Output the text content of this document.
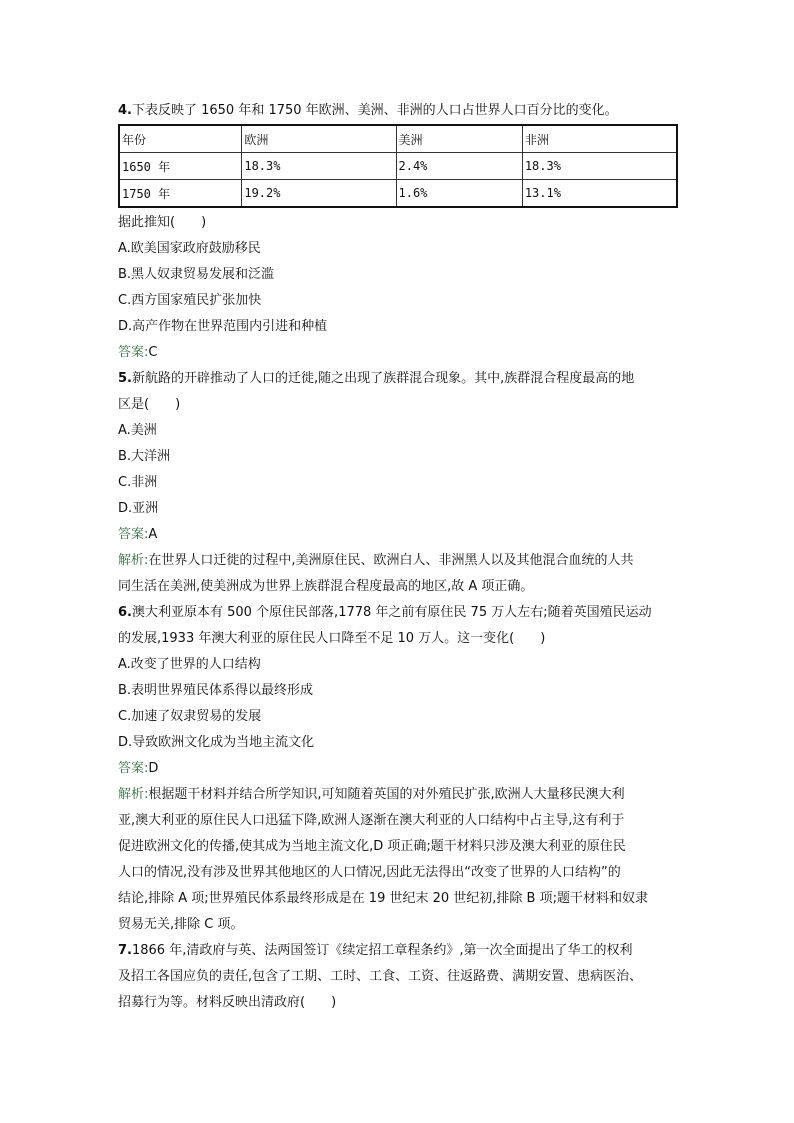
4.下表反映了 1650 年和 1750 年欧洲、美洲、非洲的人口占世界人口百分比的变化。
年份	欧洲	美洲	非洲
1650 年	18.3%	2.4%	18.3%
1750 年	19.2%	1.6%	13.1%
据此推知(　　)
A.欧美国家政府鼓励移民
B.黑人奴隶贸易发展和泛滥
C.西方国家殖民扩张加快
D.高产作物在世界范围内引进和种植
答案:C
5.新航路的开辟推动了人口的迁徙,随之出现了族群混合现象。其中,族群混合程度最高的地
区是(　　)
A.美洲
B.大洋洲
C.非洲
D.亚洲
答案:A
解析:在世界人口迁徙的过程中,美洲原住民、欧洲白人、非洲黑人以及其他混合血统的人共
同生活在美洲,使美洲成为世界上族群混合程度最高的地区,故 A 项正确。
6.澳大利亚原本有 500 个原住民部落,1778 年之前有原住民 75 万人左右;随着英国殖民运动
的发展,1933 年澳大利亚的原住民人口降至不足 10 万人。这一变化(　　)
A.改变了世界的人口结构
B.表明世界殖民体系得以最终形成
C.加速了奴隶贸易的发展
D.导致欧洲文化成为当地主流文化
答案:D
解析:根据题干材料并结合所学知识,可知随着英国的对外殖民扩张,欧洲人大量移民澳大利
亚,澳大利亚的原住民人口迅猛下降,欧洲人逐渐在澳大利亚的人口结构中占主导,这有利于
促进欧洲文化的传播,使其成为当地主流文化,D 项正确;题干材料只涉及澳大利亚的原住民
人口的情况,没有涉及世界其他地区的人口情况,因此无法得出“改变了世界的人口结构”的
结论,排除 A 项;世界殖民体系最终形成是在 19 世纪末 20 世纪初,排除 B 项;题干材料和奴隶
贸易无关,排除 C 项。
7.1866 年,清政府与英、法两国签订《续定招工章程条约》,第一次全面提出了华工的权利
及招工各国应负的责任,包含了工期、工时、工食、工资、往返路费、满期安置、患病医治、
招募行为等。材料反映出清政府(　　)
